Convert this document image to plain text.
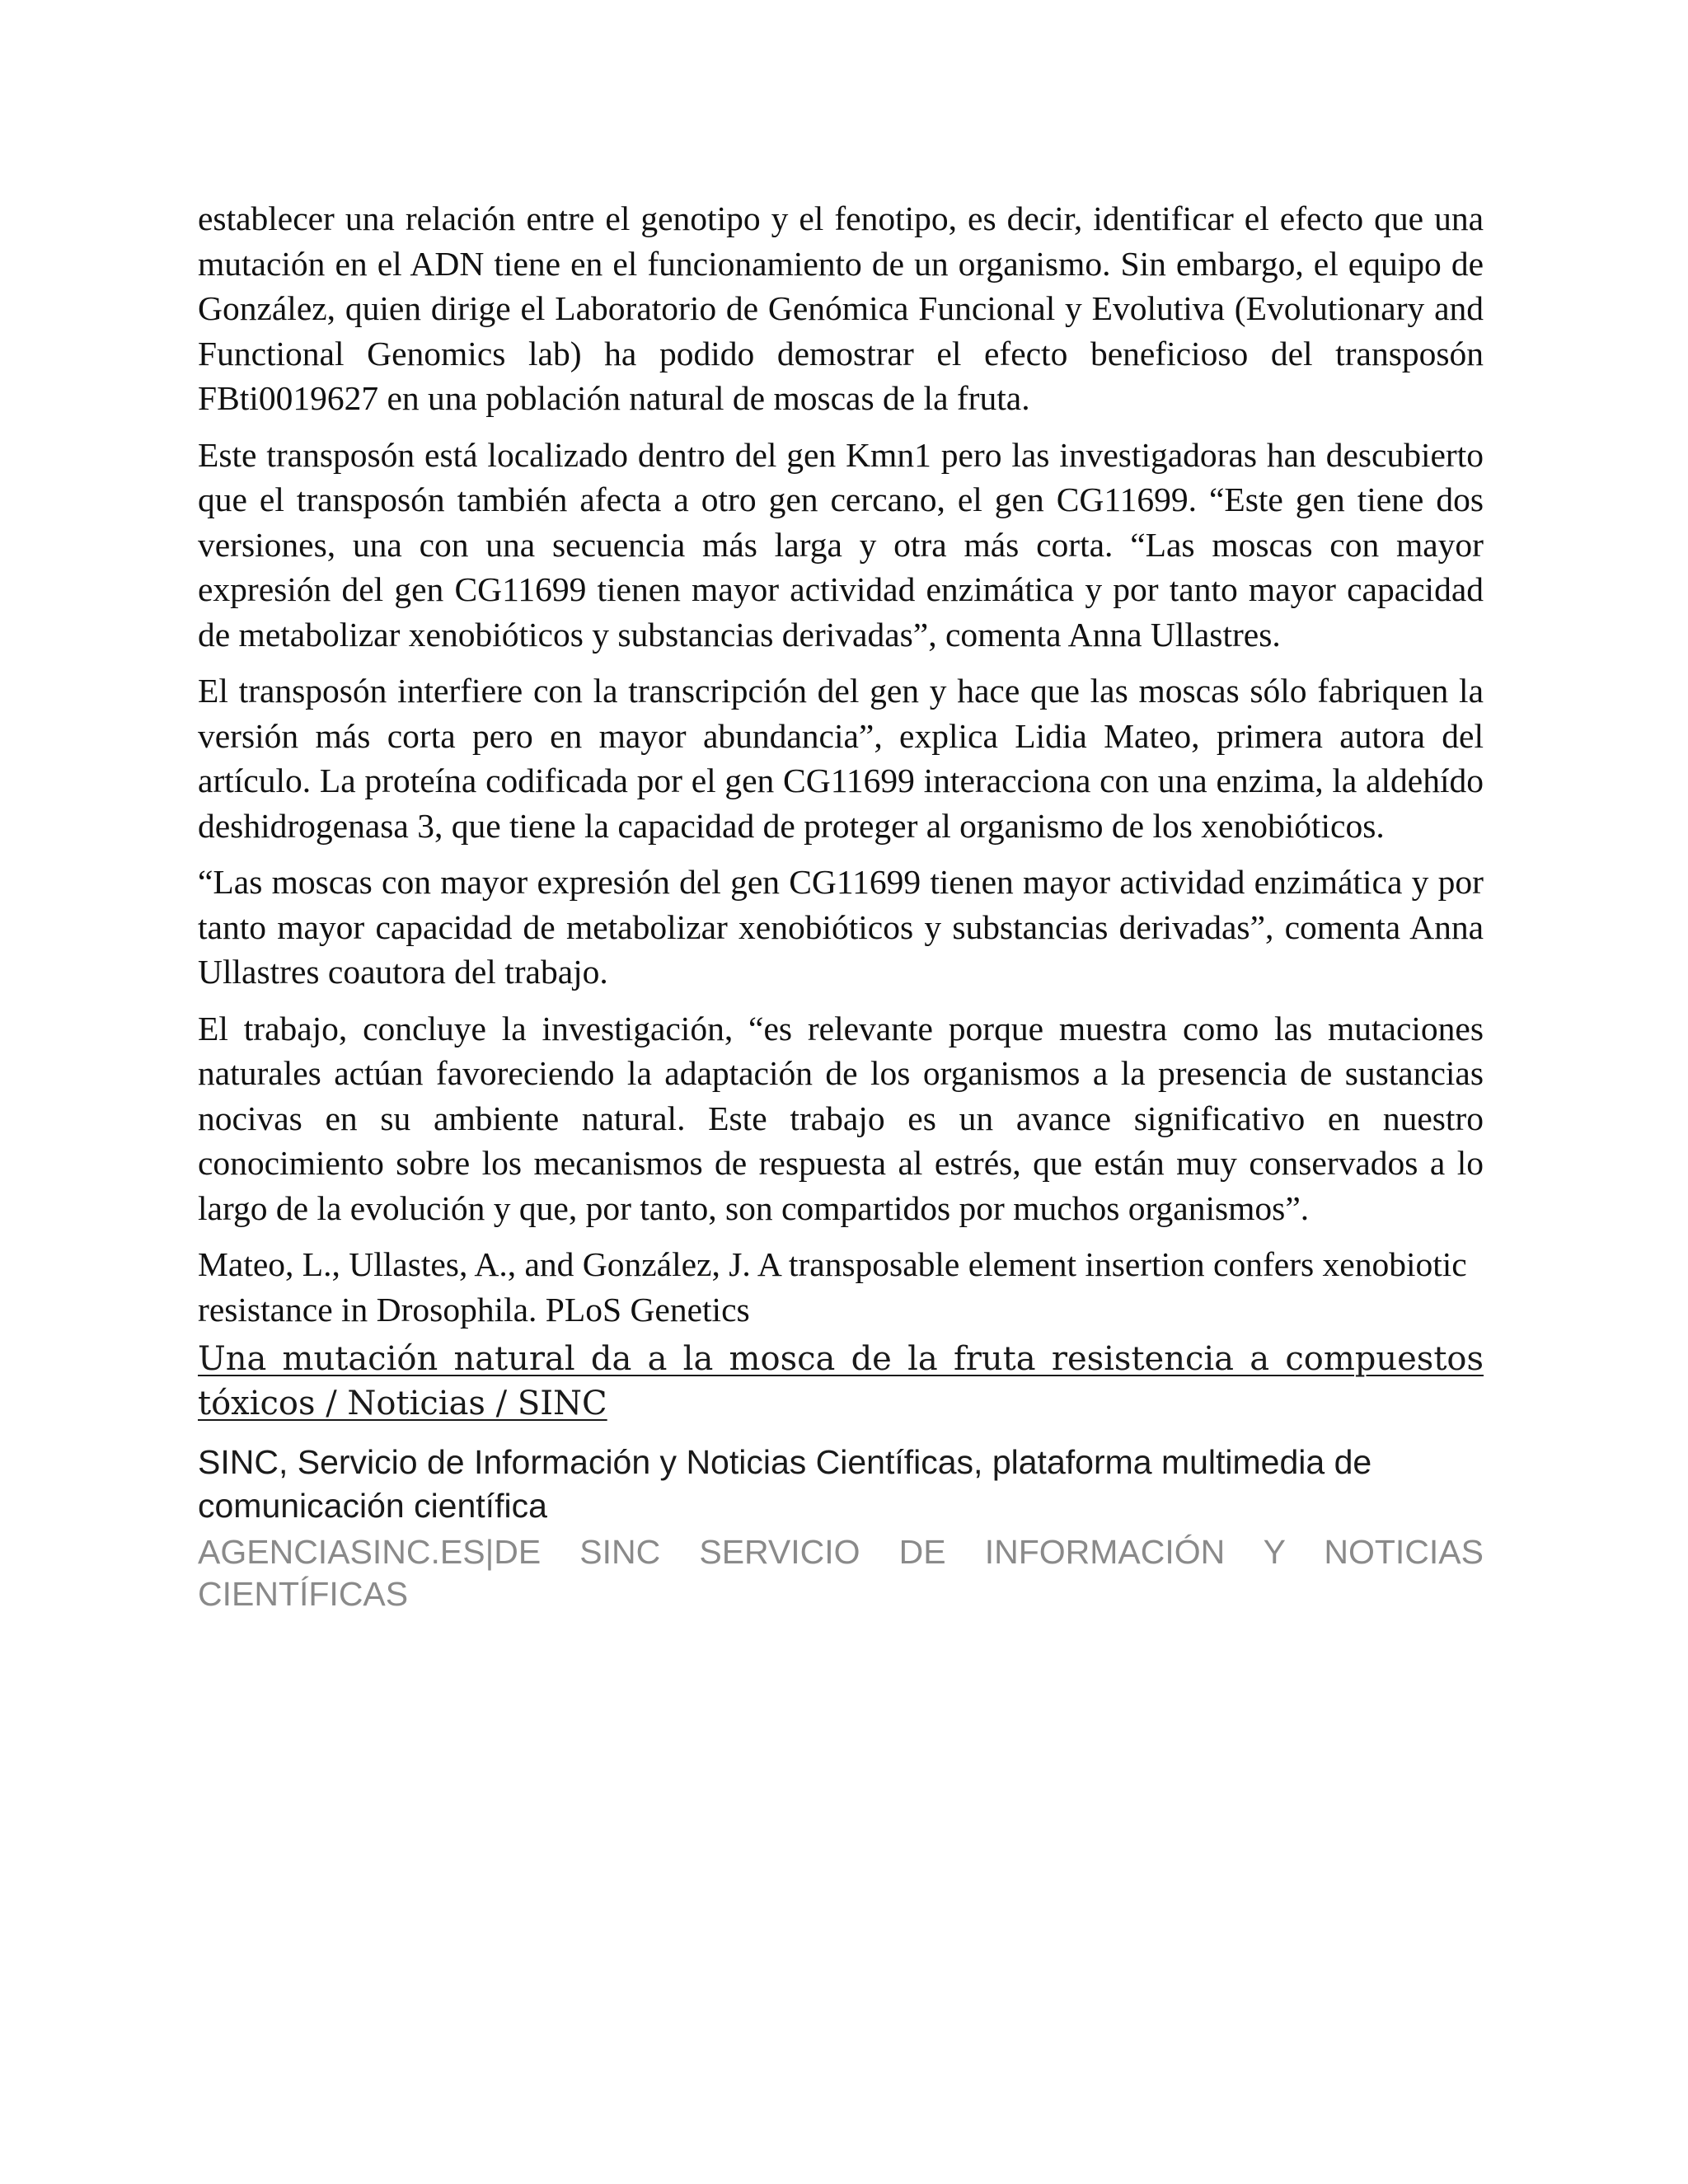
establecer una relación entre el genotipo y el fenotipo, es decir, identificar el efecto que una mutación en el ADN tiene en el funcionamiento de un organismo. Sin embargo, el equipo de González, quien dirige el Laboratorio de Genómica Funcional y Evolutiva (Evolutionary and Functional Genomics lab) ha podido demostrar el efecto beneficioso del transposón FBti0019627 en una población natural de moscas de la fruta.

Este transposón está localizado dentro del gen Kmn1 pero las investigadoras han descubierto que el transposón también afecta a otro gen cercano, el gen CG11699. “Este gen tiene dos versiones, una con una secuencia más larga y otra más corta. “Las moscas con mayor expresión del gen CG11699 tienen mayor actividad enzimática y por tanto mayor capacidad de metabolizar xenobióticos y substancias derivadas”, comenta Anna Ullastres.

El transposón interfiere con la transcripción del gen y hace que las moscas sólo fabriquen la versión más corta pero en mayor abundancia”, explica Lidia Mateo, primera autora del artículo. La proteína codificada por el gen CG11699 interacciona con una enzima, la aldehído deshidrogenasa 3, que tiene la capacidad de proteger al organismo de los xenobióticos.

“Las moscas con mayor expresión del gen CG11699 tienen mayor actividad enzimática y por tanto mayor capacidad de metabolizar xenobióticos y substancias derivadas”, comenta Anna Ullastres coautora del trabajo.

El trabajo, concluye la investigación, “es relevante porque muestra como las mutaciones naturales actúan favoreciendo la adaptación de los organismos a la presencia de sustancias nocivas en su ambiente natural. Este trabajo es un avance significativo en nuestro conocimiento sobre los mecanismos de respuesta al estrés, que están muy conservados a lo largo de la evolución y que, por tanto, son compartidos por muchos organismos”.

Mateo, L., Ullastes, A., and González, J. A transposable element insertion confers xenobiotic resistance in Drosophila. PLoS Genetics

Una mutación natural da a la mosca de la fruta resistencia a compuestos tóxicos / Noticias / SINC

SINC, Servicio de Información y Noticias Científicas, plataforma multimedia de comunicación científica

AGENCIASINC.ES|DE SINC SERVICIO DE INFORMACIÓN Y NOTICIAS CIENTÍFICAS
